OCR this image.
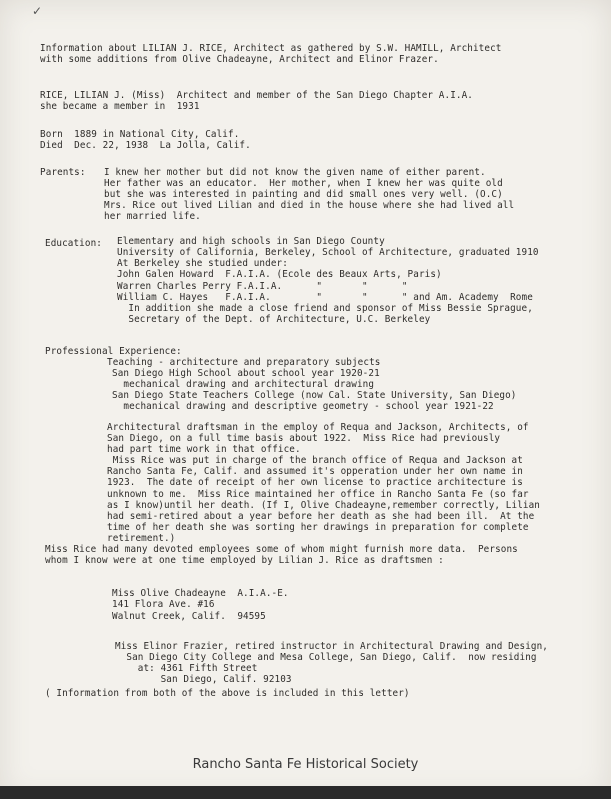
✓
Information about LILIAN J. RICE, Architect as gathered by S.W. HAMILL, Architect
with some additions from Olive Chadeayne, Architect and Elinor Frazer.
RICE, LILIAN J. (Miss)  Architect and member of the San Diego Chapter A.I.A.
she became a member in  1931
Born  1889 in National City, Calif.
Died  Dec. 22, 1938  La Jolla, Calif.
Parents: I knew her mother but did not know the given name of either parent.
Her father was an educator.  Her mother, when I knew her was quite old
but she was interested in painting and did small ones very well. (O.C)
Mrs. Rice out lived Lilian and died in the house where she had lived all
her married life.
Education: Elementary and high schools in San Diego County
University of California, Berkeley, School of Architecture, graduated 1910
At Berkeley she studied under:
John Galen Howard  F.A.I.A. (Ecole des Beaux Arts, Paris)
Warren Charles Perry F.A.I.A.      "       "      "
William C. Hayes   F.A.I.A.        "       "      " and Am. Academy  Rome
In addition she made a close friend and sponsor of Miss Bessie Sprague,
Secretary of the Dept. of Architecture, U.C. Berkeley
Professional Experience:
Teaching - architecture and preparatory subjects
San Diego High School about school year 1920-21
mechanical drawing and architectural drawing
San Diego State Teachers College (now Cal. State University, San Diego)
mechanical drawing and descriptive geometry - school year 1921-22
Architectural draftsman in the employ of Requa and Jackson, Architects, of
San Diego, on a full time basis about 1922.  Miss Rice had previously
had part time work in that office.
Miss Rice was put in charge of the branch office of Requa and Jackson at
Rancho Santa Fe, Calif. and assumed it's opperation under her own name in
1923.  The date of receipt of her own license to practice architecture is
unknown to me.  Miss Rice maintained her office in Rancho Santa Fe (so far
as I know)until her death. (If I, Olive Chadeayne,remember correctly, Lilian
had semi-retired about a year before her death as she had been ill.  At the
time of her death she was sorting her drawings in preparation for complete
retirement.)
Miss Rice had many devoted employees some of whom might furnish more data.  Persons
whom I know were at one time employed by Lilian J. Rice as draftsmen :
Miss Olive Chadeayne  A.I.A.-E.
141 Flora Ave. #16
Walnut Creek, Calif.  94595
Miss Elinor Frazier, retired instructor in Architectural Drawing and Design,
San Diego City College and Mesa College, San Diego, Calif.  now residing
at: 4361 Fifth Street
San Diego, Calif. 92103
( Information from both of the above is included in this letter)
Rancho Santa Fe Historical Society
